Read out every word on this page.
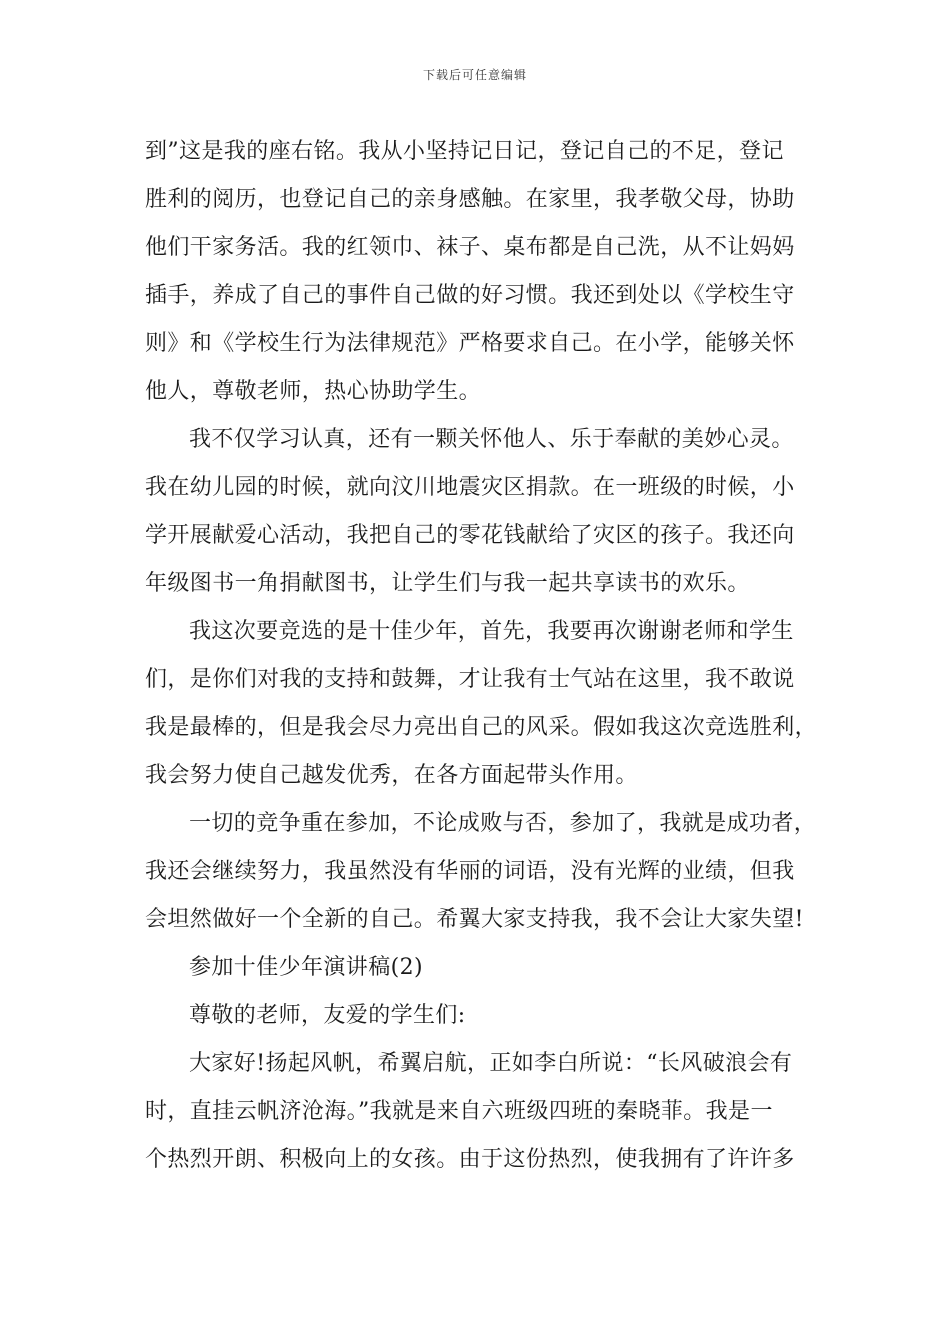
下载后可任意编辑
到”这是我的座右铭。我从小坚持记日记，登记自己的不足，登记
胜利的阅历，也登记自己的亲身感触。在家里，我孝敬父母，协助
他们干家务活。我的红领巾、袜子、桌布都是自己洗，从不让妈妈
插手，养成了自己的事件自己做的好习惯。我还到处以《学校生守
则》和《学校生行为法律规范》严格要求自己。在小学，能够关怀
他人，尊敬老师，热心协助学生。
我不仅学习认真，还有一颗关怀他人、乐于奉献的美妙心灵。
我在幼儿园的时候，就向汶川地震灾区捐款。在一班级的时候，小
学开展献爱心活动，我把自己的零花钱献给了灾区的孩子。我还向
年级图书一角捐献图书，让学生们与我一起共享读书的欢乐。
我这次要竞选的是十佳少年，首先，我要再次谢谢老师和学生
们，是你们对我的支持和鼓舞，才让我有士气站在这里，我不敢说
我是最棒的，但是我会尽力亮出自己的风采。假如我这次竞选胜利，
我会努力使自己越发优秀，在各方面起带头作用。
一切的竞争重在参加，不论成败与否，参加了，我就是成功者，
我还会继续努力，我虽然没有华丽的词语，没有光辉的业绩，但我
会坦然做好一个全新的自己。希翼大家支持我，我不会让大家失望!
参加十佳少年演讲稿(2)
尊敬的老师，友爱的学生们:
大家好!扬起风帆，希翼启航，正如李白所说：“长风破浪会有
时，直挂云帆济沧海。”我就是来自六班级四班的秦晓菲。我是一
个热烈开朗、积极向上的女孩。由于这份热烈，使我拥有了许许多
